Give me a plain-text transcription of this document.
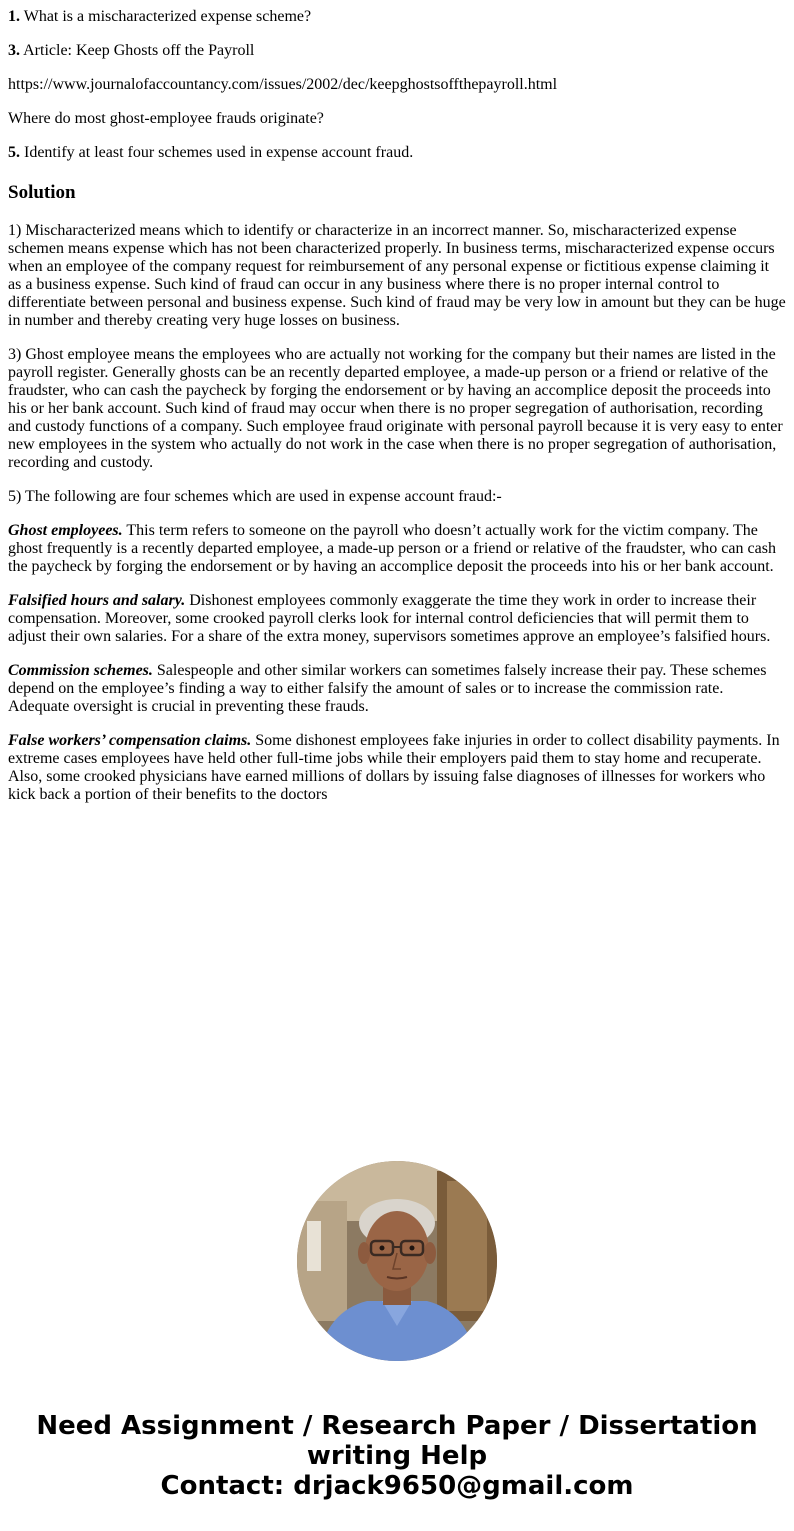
1. What is a mischaracterized expense scheme?

3. Article: Keep Ghosts off the Payroll

https://www.journalofaccountancy.com/issues/2002/dec/keepghostsoffthepayroll.html

Where do most ghost-employee frauds originate?

5. Identify at least four schemes used in expense account fraud.

Solution

1) Mischaracterized means which to identify or characterize in an incorrect manner. So, mischaracterized expense schemen means expense which has not been characterized properly. In business terms, mischaracterized expense occurs when an employee of the company request for reimbursement of any personal expense or fictitious expense claiming it as a business expense. Such kind of fraud can occur in any business where there is no proper internal control to differentiate between personal and business expense. Such kind of fraud may be very low in amount but they can be huge in number and thereby creating very huge losses on business.

3) Ghost employee means the employees who are actually not working for the company but their names are listed in the payroll register. Generally ghosts can be an recently departed employee, a made-up person or a friend or relative of the fraudster, who can cash the paycheck by forging the endorsement or by having an accomplice deposit the proceeds into his or her bank account. Such kind of fraud may occur when there is no proper segregation of authorisation, recording and custody functions of a company. Such employee fraud originate with personal payroll because it is very easy to enter new employees in the system who actually do not work in the case when there is no proper segregation of authorisation, recording and custody.

5) The following are four schemes which are used in expense account fraud:-

Ghost employees. This term refers to someone on the payroll who doesn’t actually work for the victim company. The ghost frequently is a recently departed employee, a made-up person or a friend or relative of the fraudster, who can cash the paycheck by forging the endorsement or by having an accomplice deposit the proceeds into his or her bank account.

Falsified hours and salary. Dishonest employees commonly exaggerate the time they work in order to increase their compensation. Moreover, some crooked payroll clerks look for internal control deficiencies that will permit them to adjust their own salaries. For a share of the extra money, supervisors sometimes approve an employee’s falsified hours.

Commission schemes. Salespeople and other similar workers can sometimes falsely increase their pay. These schemes depend on the employee’s finding a way to either falsify the amount of sales or to increase the commission rate. Adequate oversight is crucial in preventing these frauds.

False workers’ compensation claims. Some dishonest employees fake injuries in order to collect disability payments. In extreme cases employees have held other full-time jobs while their employers paid them to stay home and recuperate. Also, some crooked physicians have earned millions of dollars by issuing false diagnoses of illnesses for workers who kick back a portion of their benefits to the doctors

Need Assignment / Research Paper / Dissertation
writing Help
Contact: drjack9650@gmail.com
